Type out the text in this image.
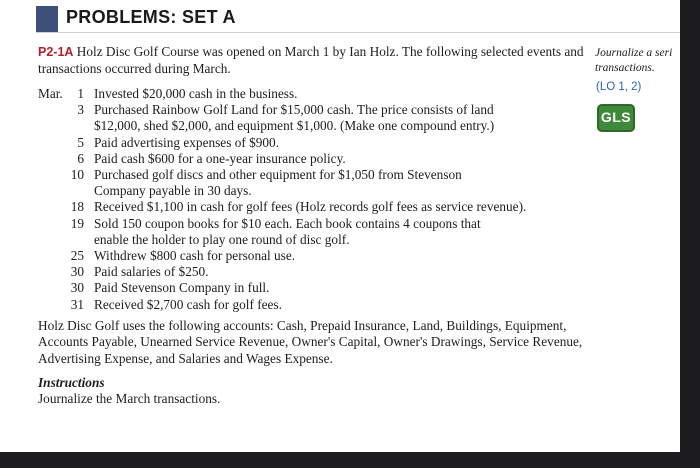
PROBLEMS: SET A
P2-1A Holz Disc Golf Course was opened on March 1 by Ian Holz. The following selected events and transactions occurred during March.
Journalize a seri
transactions.
(LO 1, 2)
GLS
Mar.	1 Invested $20,000 cash in the business.
3 Purchased Rainbow Golf Land for $15,000 cash. The price consists of land
$12,000, shed $2,000, and equipment $1,000. (Make one compound entry.)
5 Paid advertising expenses of $900.
6 Paid cash $600 for a one-year insurance policy.
10 Purchased golf discs and other equipment for $1,050 from Stevenson
Company payable in 30 days.
18 Received $1,100 in cash for golf fees (Holz records golf fees as service revenue).
19 Sold 150 coupon books for $10 each. Each book contains 4 coupons that
enable the holder to play one round of disc golf.
25 Withdrew $800 cash for personal use.
30 Paid salaries of $250.
30 Paid Stevenson Company in full.
31 Received $2,700 cash for golf fees.
Holz Disc Golf uses the following accounts: Cash, Prepaid Insurance, Land, Buildings, Equipment, Accounts Payable, Unearned Service Revenue, Owner's Capital, Owner's Drawings, Service Revenue, Advertising Expense, and Salaries and Wages Expense.
Instructions
Journalize the March transactions.
